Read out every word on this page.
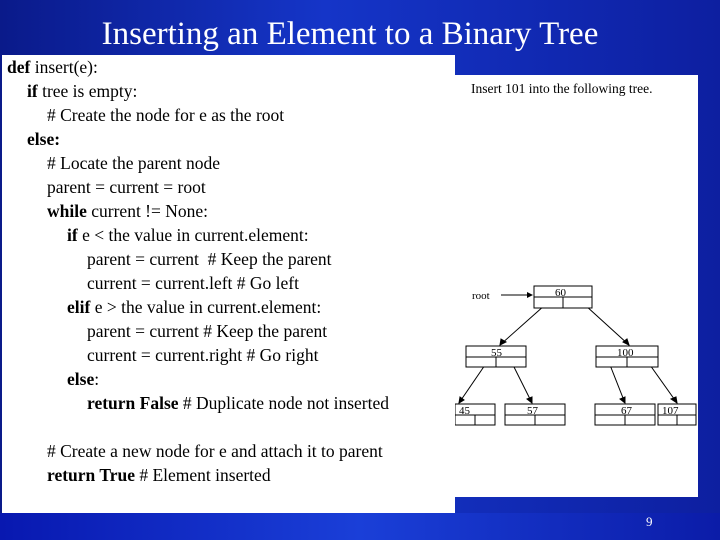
Inserting an Element to a Binary Tree
def insert(e):
if tree is empty:
# Create the node for e as the root
else:
# Locate the parent node
parent = current = root
while current != None:
if e < the value in current.element:
parent = current  # Keep the parent
current = current.left # Go left
elif e > the value in current.element:
parent = current # Keep the parent
current = current.right # Go right
else:
return False # Duplicate node not inserted
# Create a new node for e and attach it to parent
return True # Element inserted
Insert 101 into the following tree.
root	60
55	100
45	57	67	107
9
